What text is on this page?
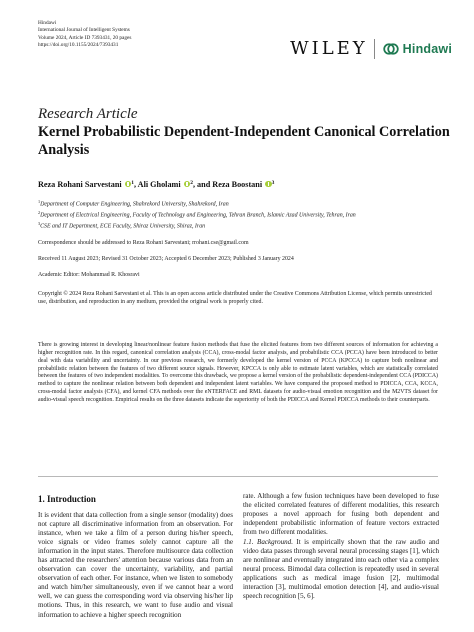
Hindawi
International Journal of Intelligent Systems
Volume 2024, Article ID 7393431, 20 pages
https://doi.org/10.1155/2024/7393431	WILEY	Hindawi
Research Article
Kernel Probabilistic Dependent-Independent Canonical Correlation Analysis
Reza Rohani Sarvestani $^1$, Ali Gholami $^2$, and Reza Boostani $^3$
$^1$Department of Computer Engineering, Shahrekord University, Shahrekord, Iran
$^2$Department of Electrical Engineering, Faculty of Technology and Engineering, Tehran Branch, Islamic Azad University, Tehran, Iran
$^3$CSE and IT Department, ECE Faculty, Shiraz University, Shiraz, Iran
Correspondence should be addressed to Reza Rohani Sarvestani; rrohani.cse@gmail.com
Received 11 August 2023; Revised 31 October 2023; Accepted 6 December 2023; Published 3 January 2024
Academic Editor: Mohammad R. Khosravi
Copyright © 2024 Reza Rohani Sarvestani et al. This is an open access article distributed under the Creative Commons Attribution License, which permits unrestricted use, distribution, and reproduction in any medium, provided the original work is properly cited.
There is growing interest in developing linear/nonlinear feature fusion methods that fuse the elicited features from two different sources of information for achieving a higher recognition rate. In this regard, canonical correlation analysis (CCA), cross-modal factor analysis, and probabilistic CCA (PCCA) have been introduced to better deal with data variability and uncertainty. In our previous research, we formerly developed the kernel version of PCCA (KPCCA) to capture both nonlinear and probabilistic relation between the features of two different source signals. However, KPCCA is only able to estimate latent variables, which are statistically correlated between the features of two independent modalities. To overcome this drawback, we propose a kernel version of the probabilistic dependent-independent CCA (PDICCA) method to capture the nonlinear relation between both dependent and independent latent variables. We have compared the proposed method to PDICCA, CCA, KCCA, cross-modal factor analysis (CFA), and kernel CFA methods over the eNTERFACE and RML datasets for audio-visual emotion recognition and the M2VTS dataset for audio-visual speech recognition. Empirical results on the three datasets indicate the superiority of both the PDICCA and Kernel PDICCA methods to their counterparts.
1. Introduction
It is evident that data collection from a single sensor (modality) does not capture all discriminative information from an observation. For instance, when we take a film of a person during his/her speech, voice signals or video frames solely cannot capture all the information in the input states. Therefore multisource data collection has attracted the researchers' attention because various data from an observation can cover the uncertainty, variability, and partial observation of each other. For instance, when we listen to somebody and watch him/her simultaneously, even if we cannot hear a word well, we can guess the corresponding word via observing his/her lip motions. Thus, in this research, we want to fuse audio and visual information to achieve a higher speech recognition
rate. Although a few fusion techniques have been developed to fuse the elicited correlated features of different modalities, this research proposes a novel approach for fusing both dependent and independent probabilistic information of feature vectors extracted from two different modalities.
1.1. Background. It is empirically shown that the raw audio and video data passes through several neural processing stages [1], which are nonlinear and eventually integrated into each other via a complex neural process. Bimodal data collection is repeatedly used in several applications such as medical image fusion [2], multimodal interaction [3], multimodal emotion detection [4], and audio-visual speech recognition [5, 6].
